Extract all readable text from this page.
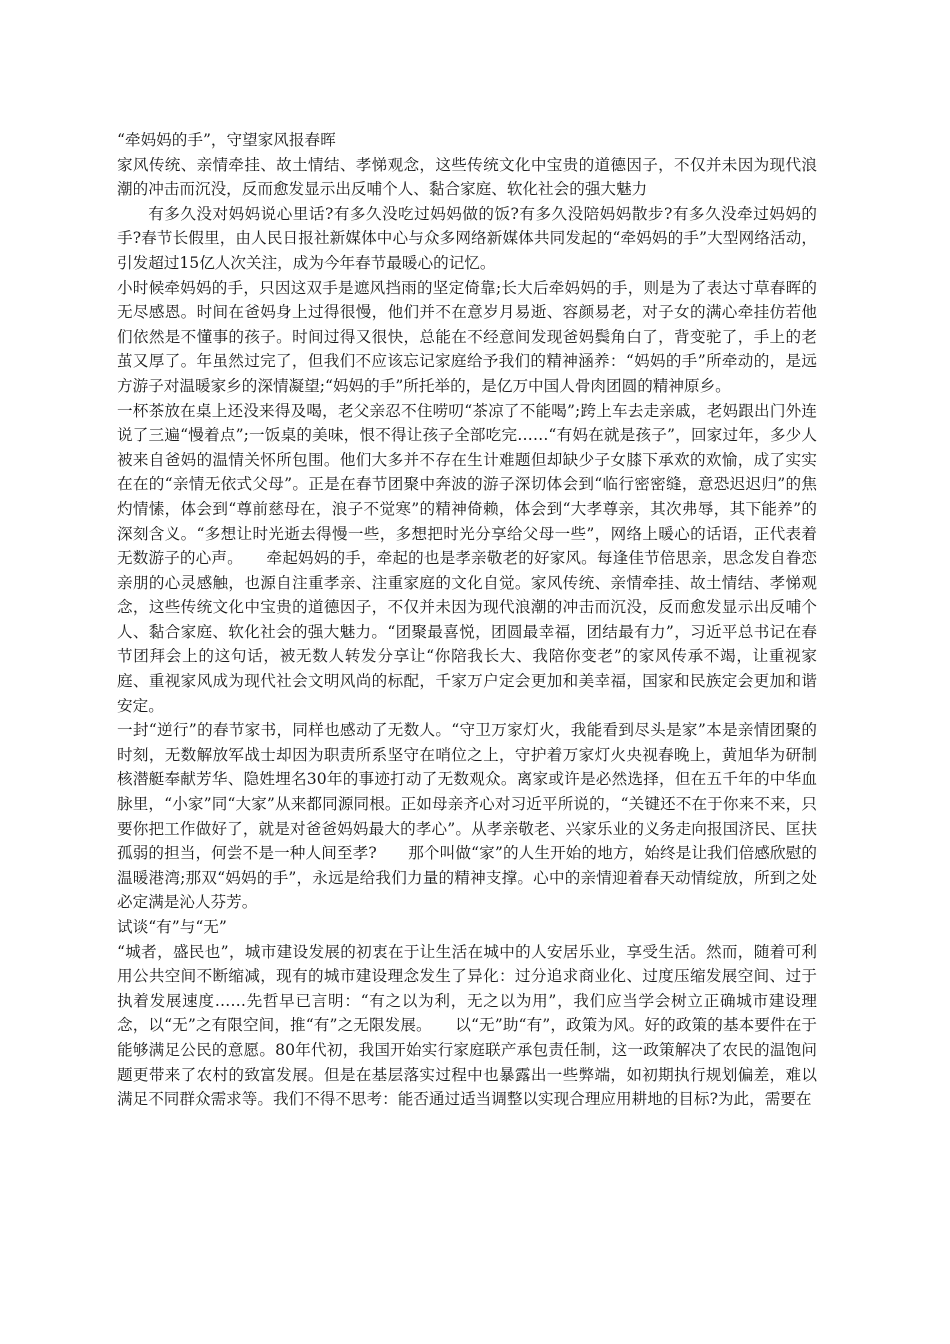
“牵妈妈的手”，守望家风报春晖

家风传统、亲情牵挂、故土情结、孝悌观念，这些传统文化中宝贵的道德因子，不仅并未因为现代浪潮的冲击而沉没，反而愈发显示出反哺个人、黏合家庭、软化社会的强大魅力

有多久没对妈妈说心里话?有多久没吃过妈妈做的饭?有多久没陪妈妈散步?有多久没牵过妈妈的手?春节长假里，由人民日报社新媒体中心与众多网络新媒体共同发起的“牵妈妈的手”大型网络活动，引发超过15亿人次关注，成为今年春节最暖心的记忆。

小时候牵妈妈的手，只因这双手是遮风挡雨的坚定倚靠;长大后牵妈妈的手，则是为了表达寸草春晖的无尽感恩。时间在爸妈身上过得很慢，他们并不在意岁月易逝、容颜易老，对子女的满心牵挂仿若他们依然是不懂事的孩子。时间过得又很快，总能在不经意间发现爸妈鬓角白了，背变驼了，手上的老茧又厚了。年虽然过完了，但我们不应该忘记家庭给予我们的精神涵养：“妈妈的手”所牵动的，是远方游子对温暖家乡的深情凝望;“妈妈的手”所托举的，是亿万中国人骨肉团圆的精神原乡。

一杯茶放在桌上还没来得及喝，老父亲忍不住唠叨“茶凉了不能喝”;跨上车去走亲戚，老妈跟出门外连说了三遍“慢着点”;一饭桌的美味，恨不得让孩子全部吃完……“有妈在就是孩子”，回家过年，多少人被来自爸妈的温情关怀所包围。他们大多并不存在生计难题但却缺少子女膝下承欢的欢愉，成了实实在在的“亲情无依式父母”。正是在春节团聚中奔波的游子深切体会到“临行密密缝，意恐迟迟归”的焦灼情愫，体会到“尊前慈母在，浪子不觉寒”的精神倚赖，体会到“大孝尊亲，其次弗辱，其下能养”的深刻含义。“多想让时光逝去得慢一些，多想把时光分享给父母一些”，网络上暖心的话语，正代表着无数游子的心声。　　牵起妈妈的手，牵起的也是孝亲敬老的好家风。每逢佳节倍思亲，思念发自眷恋亲朋的心灵感触，也源自注重孝亲、注重家庭的文化自觉。家风传统、亲情牵挂、故土情结、孝悌观念，这些传统文化中宝贵的道德因子，不仅并未因为现代浪潮的冲击而沉没，反而愈发显示出反哺个人、黏合家庭、软化社会的强大魅力。“团聚最喜悦，团圆最幸福，团结最有力”，习近平总书记在春节团拜会上的这句话，被无数人转发分享让“你陪我长大、我陪你变老”的家风传承不竭，让重视家庭、重视家风成为现代社会文明风尚的标配，千家万户定会更加和美幸福，国家和民族定会更加和谐安定。

一封“逆行”的春节家书，同样也感动了无数人。“守卫万家灯火，我能看到尽头是家”本是亲情团聚的时刻，无数解放军战士却因为职责所系坚守在哨位之上，守护着万家灯火央视春晚上，黄旭华为研制核潜艇奉献芳华、隐姓埋名30年的事迹打动了无数观众。离家或许是必然选择，但在五千年的中华血脉里，“小家”同“大家”从来都同源同根。正如母亲齐心对习近平所说的，“关键还不在于你来不来，只要你把工作做好了，就是对爸爸妈妈最大的孝心”。从孝亲敬老、兴家乐业的义务走向报国济民、匡扶孤弱的担当，何尝不是一种人间至孝?　　那个叫做“家”的人生开始的地方，始终是让我们倍感欣慰的温暖港湾;那双“妈妈的手”，永远是给我们力量的精神支撑。心中的亲情迎着春天动情绽放，所到之处必定满是沁人芬芳。

试谈“有”与“无”

“城者，盛民也”，城市建设发展的初衷在于让生活在城中的人安居乐业，享受生活。然而，随着可利用公共空间不断缩减，现有的城市建设理念发生了异化：过分追求商业化、过度压缩发展空间、过于执着发展速度……先哲早已言明：“有之以为利，无之以为用”，我们应当学会树立正确城市建设理念，以“无”之有限空间，推“有”之无限发展。　　以“无”助“有”，政策为风。好的政策的基本要件在于能够满足公民的意愿。80年代初，我国开始实行家庭联产承包责任制，这一政策解决了农民的温饱问题更带来了农村的致富发展。但是在基层落实过程中也暴露出一些弊端，如初期执行规划偏差，难以满足不同群众需求等。我们不得不思考：能否通过适当调整以实现合理应用耕地的目标?为此，需要在
